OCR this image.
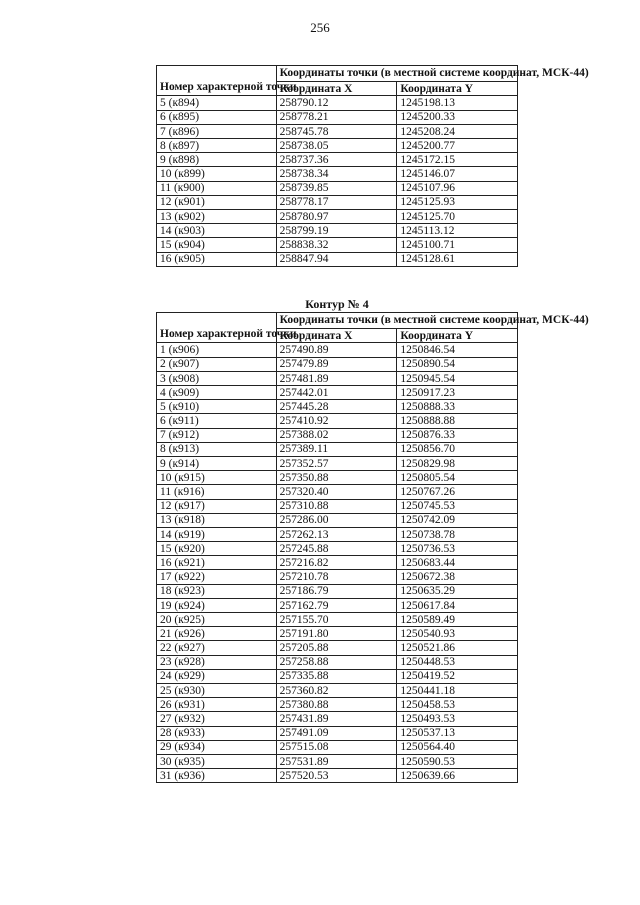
256
Номер характерной точки	Координаты точки (в местной системе координат, МСК-44)	
	Координата X	Координата Y
5 (к894)	258790.12	1245198.13
6 (к895)	258778.21	1245200.33
7 (к896)	258745.78	1245208.24
8 (к897)	258738.05	1245200.77
9 (к898)	258737.36	1245172.15
10 (к899)	258738.34	1245146.07
11 (к900)	258739.85	1245107.96
12 (к901)	258778.17	1245125.93
13 (к902)	258780.97	1245125.70
14 (к903)	258799.19	1245113.12
15 (к904)	258838.32	1245100.71
16 (к905)	258847.94	1245128.61
Контур № 4
Номер характерной точки	Координаты точки (в местной системе координат, МСК-44)	
	Координата X	Координата Y
1 (к906)	257490.89	1250846.54
2 (к907)	257479.89	1250890.54
3 (к908)	257481.89	1250945.54
4 (к909)	257442.01	1250917.23
5 (к910)	257445.28	1250888.33
6 (к911)	257410.92	1250888.88
7 (к912)	257388.02	1250876.33
8 (к913)	257389.11	1250856.70
9 (к914)	257352.57	1250829.98
10 (к915)	257350.88	1250805.54
11 (к916)	257320.40	1250767.26
12 (к917)	257310.88	1250745.53
13 (к918)	257286.00	1250742.09
14 (к919)	257262.13	1250738.78
15 (к920)	257245.88	1250736.53
16 (к921)	257216.82	1250683.44
17 (к922)	257210.78	1250672.38
18 (к923)	257186.79	1250635.29
19 (к924)	257162.79	1250617.84
20 (к925)	257155.70	1250589.49
21 (к926)	257191.80	1250540.93
22 (к927)	257205.88	1250521.86
23 (к928)	257258.88	1250448.53
24 (к929)	257335.88	1250419.52
25 (к930)	257360.82	1250441.18
26 (к931)	257380.88	1250458.53
27 (к932)	257431.89	1250493.53
28 (к933)	257491.09	1250537.13
29 (к934)	257515.08	1250564.40
30 (к935)	257531.89	1250590.53
31 (к936)	257520.53	1250639.66
